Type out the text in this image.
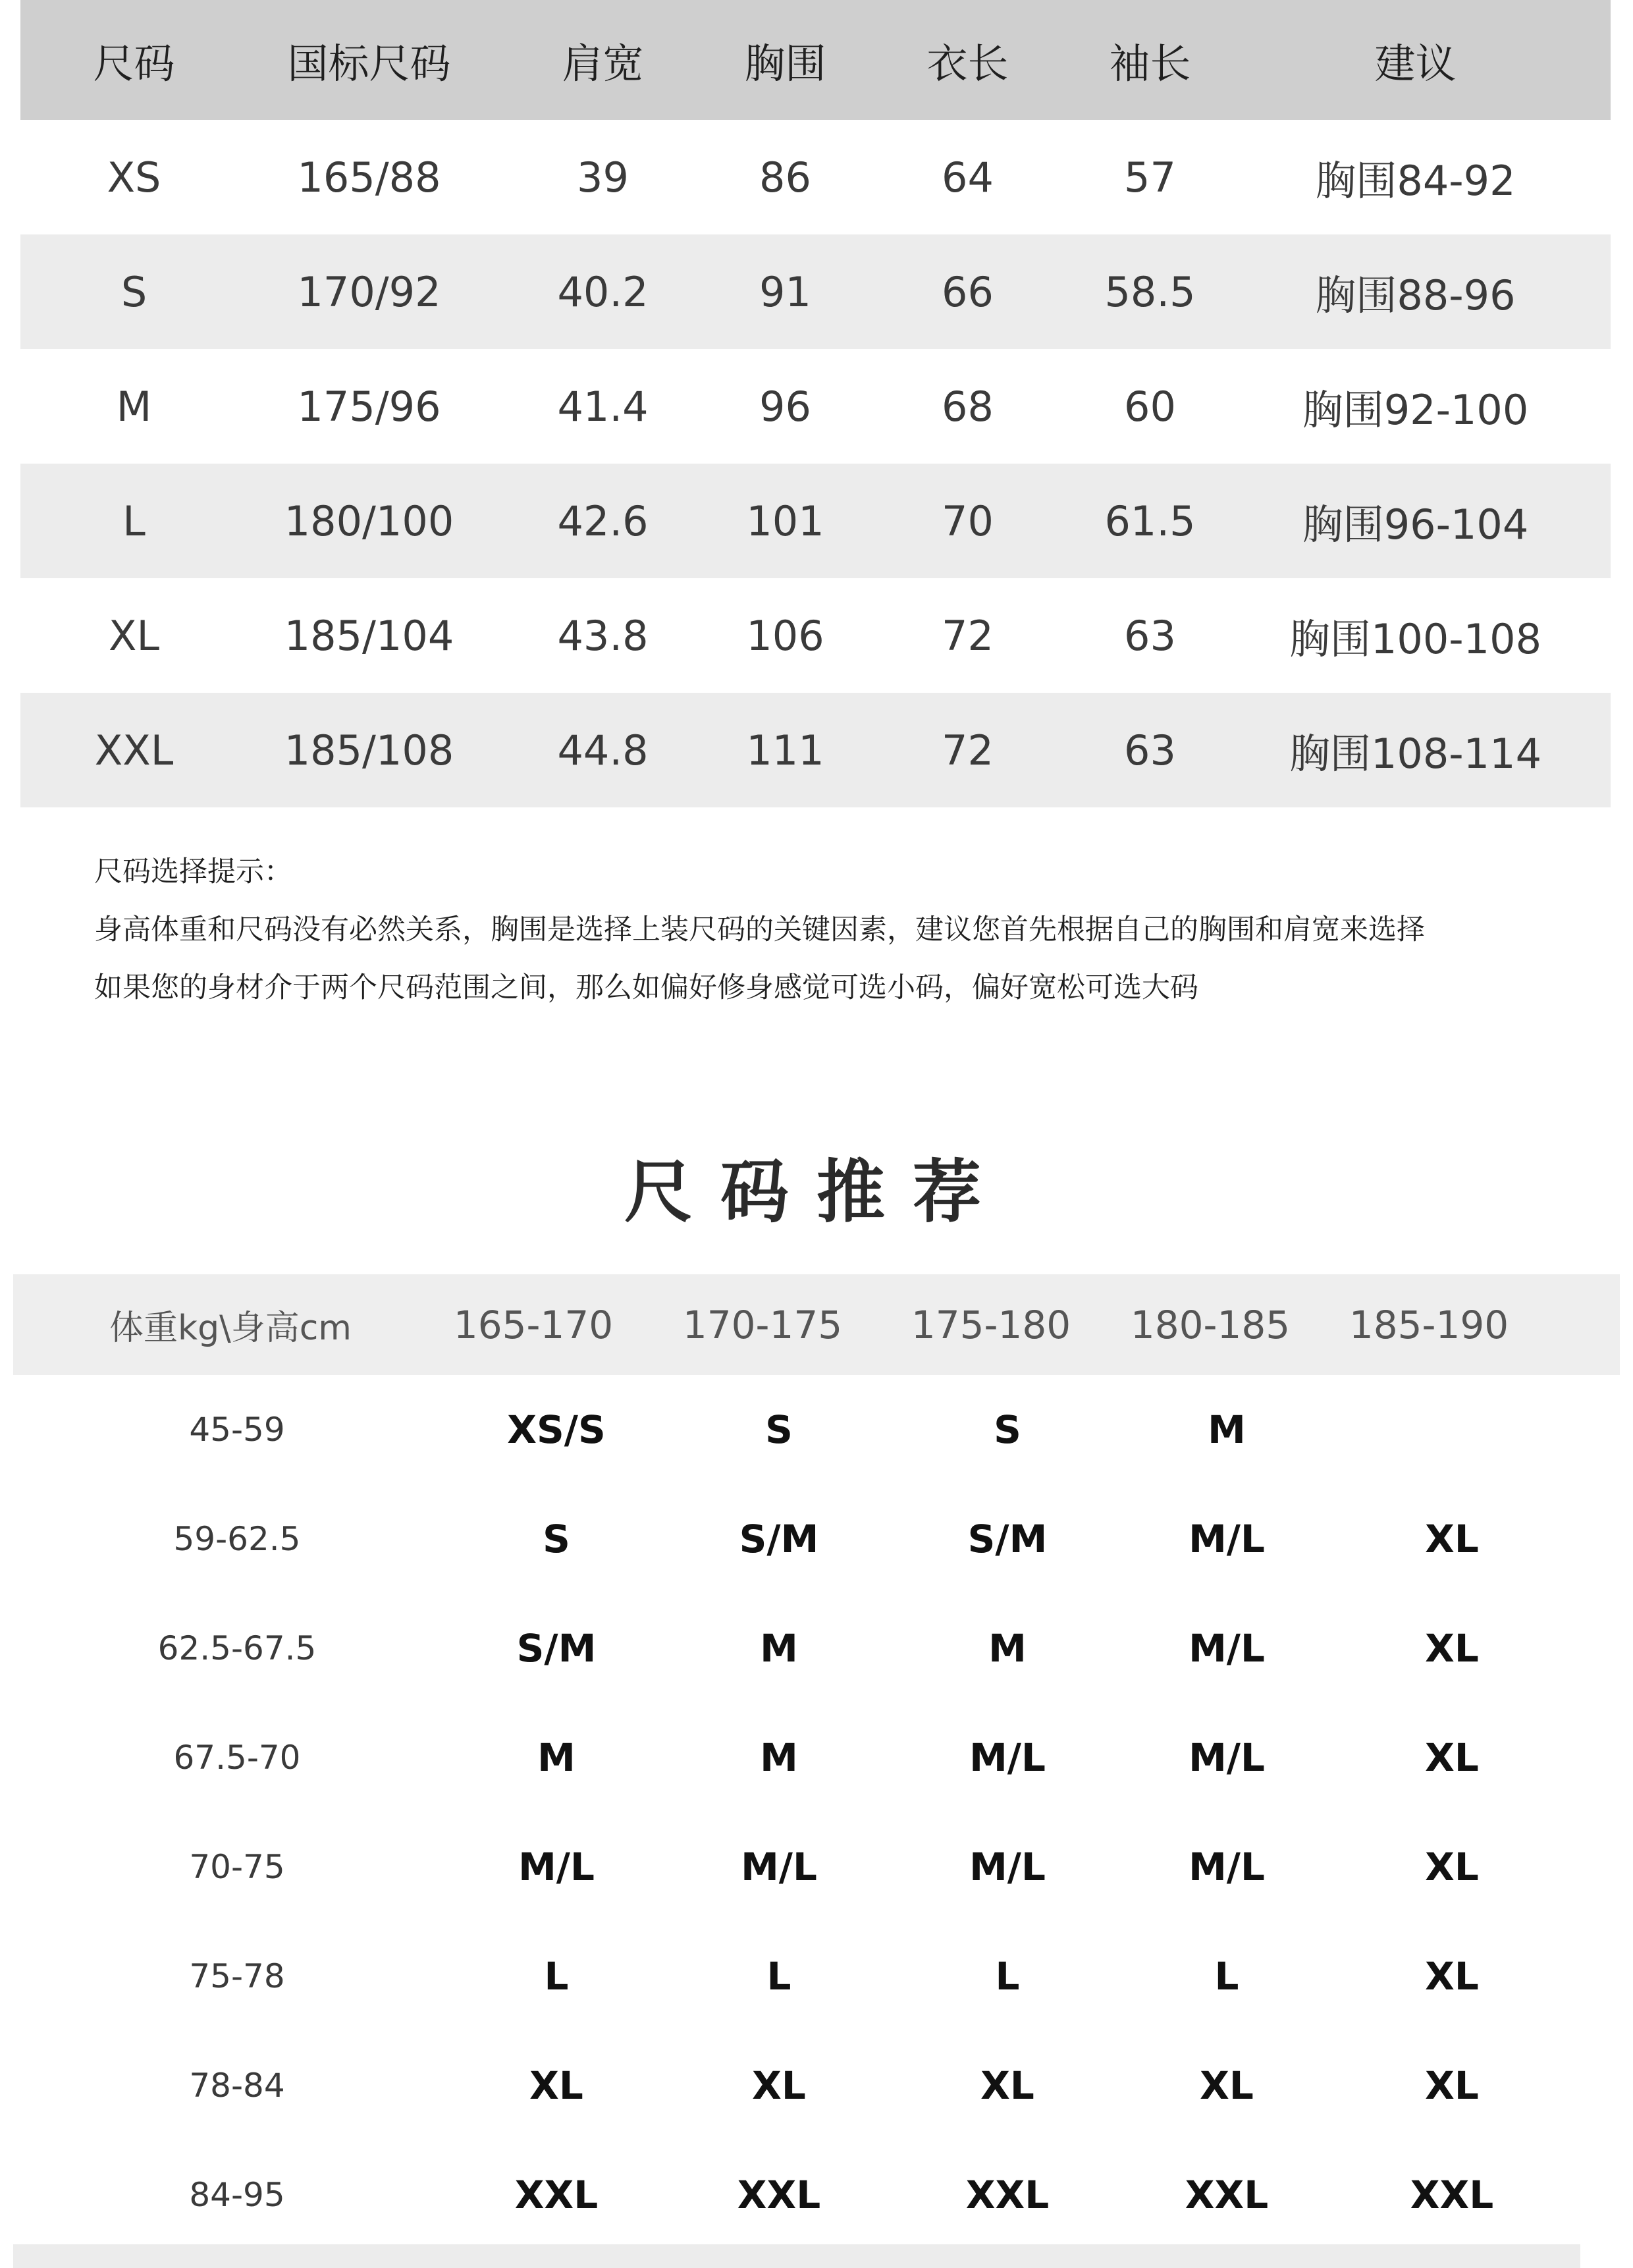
尺码	国标尺码	肩宽	胸围	衣长	袖长	建议
XS	165/88	39	86	64	57	胸围84-92
S	170/92	40.2	91	66	58.5	胸围88-96
M	175/96	41.4	96	68	60	胸围92-100
L	180/100	42.6	101	70	61.5	胸围96-104
XL	185/104	43.8	106	72	63	胸围100-108
XXL	185/108	44.8	111	72	63	胸围108-114
尺码选择提示：
身高体重和尺码没有必然关系，胸围是选择上装尺码的关键因素，建议您首先根据自己的胸围和肩宽来选择
如果您的身材介于两个尺码范围之间，那么如偏好修身感觉可选小码，偏好宽松可选大码
尺码推荐
体重kg\身高cm	165-170 170-175 175-180 180-185 185-190
45-59	XS/S	S	S	M
59-62.5	S	S/M	S/M	M/L	XL
62.5-67.5	S/M	M	M	M/L	XL
67.5-70	M	M	M/L	M/L	XL
70-75	M/L	M/L	M/L	M/L	XL
75-78	L	L	L	L	XL
78-84	XL	XL	XL	XL	XL
84-95	XXL	XXL	XXL	XXL	XXL
